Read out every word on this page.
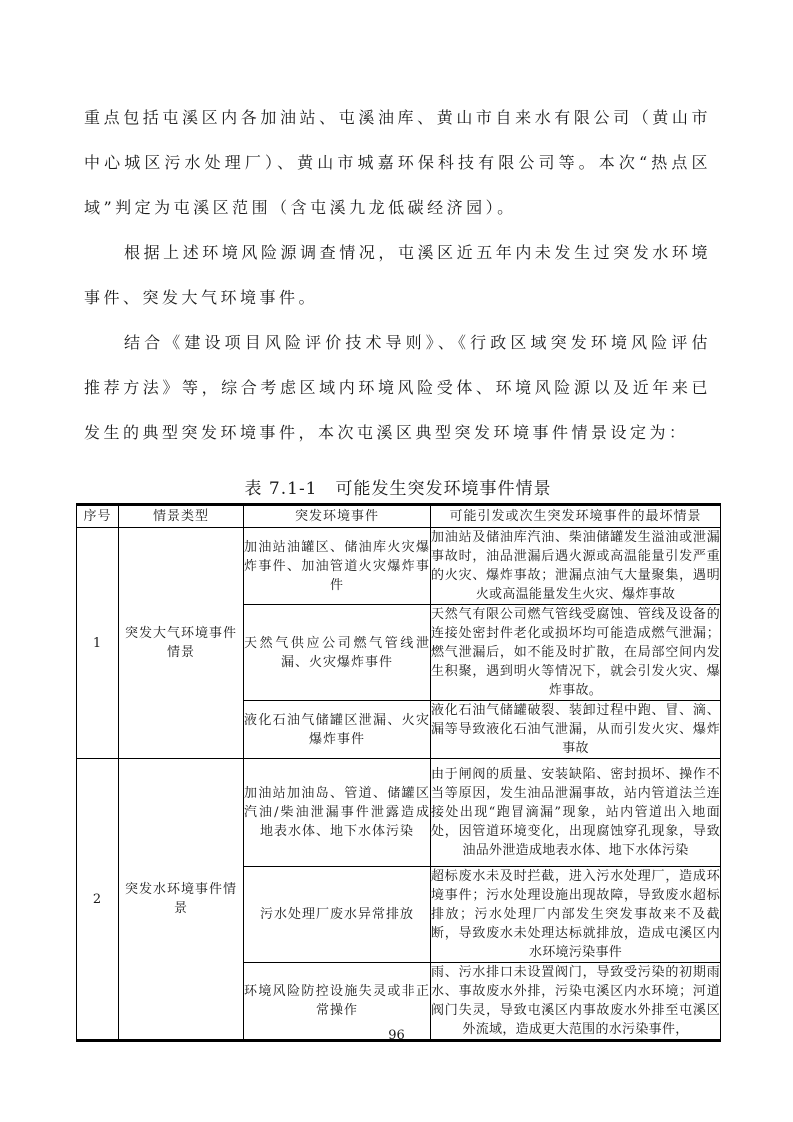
重点包括屯溪区内各加油站、屯溪油库、黄山市自来水有限公司（黄山市中心城区污水处理厂）、黄山市城嘉环保科技有限公司等。本次“热点区域”判定为屯溪区范围（含屯溪九龙低碳经济园）。

根据上述环境风险源调查情况，屯溪区近五年内未发生过突发水环境事件、突发大气环境事件。

结合《建设项目风险评价技术导则》、《行政区域突发环境风险评估推荐方法》等，综合考虑区域内环境风险受体、环境风险源以及近年来已发生的典型突发环境事件，本次屯溪区典型突发环境事件情景设定为：

表 7.1-1　可能发生突发环境事件情景
序号	情景类型	突发环境事件	可能引发或次生突发环境事件的最坏情景
1	突发大气环境事件情景	加油站油罐区、储油库火灾爆炸事件、加油管道火灾爆炸事件	加油站及储油库汽油、柴油储罐发生溢油或泄漏事故时，油品泄漏后遇火源或高温能量引发严重的火灾、爆炸事故；泄漏点油气大量聚集，遇明火或高温能量发生火灾、爆炸事故
		天然气供应公司燃气管线泄漏、火灾爆炸事件	天然气有限公司燃气管线受腐蚀、管线及设备的连接处密封件老化或损坏均可能造成燃气泄漏； 燃气泄漏后，如不能及时扩散，在局部空间内发生积聚，遇到明火等情况下，就会引发火灾、爆炸事故。
		液化石油气储罐区泄漏、火灾爆炸事件	液化石油气储罐破裂、装卸过程中跑、冒、滴、漏等导致液化石油气泄漏，从而引发火灾、爆炸事故
2	突发水环境事件情景	加油站加油岛、管道、储罐区汽油/柴油泄漏事件泄露造成地表水体、地下水体污染	由于闸阀的质量、安装缺陷、密封损坏、操作不当等原因，发生油品泄漏事故，站内管道法兰连接处出现“跑冒滴漏”现象，站内管道出入地面处，因管道环境变化，出现腐蚀穿孔现象，导致油品外泄造成地表水体、地下水体污染
		污水处理厂废水异常排放	超标废水未及时拦截，进入污水处理厂，造成环境事件；污水处理设施出现故障，导致废水超标排放；污水处理厂内部发生突发事故来不及截断，导致废水未处理达标就排放，造成屯溪区内水环境污染事件
		环境风险防控设施失灵或非正常操作	雨、污水排口未设置阀门，导致受污染的初期雨水、事故废水外排，污染屯溪区内水环境；河道阀门失灵，导致屯溪区内事故废水外排至屯溪区外流域，造成更大范围的水污染事件，
96
